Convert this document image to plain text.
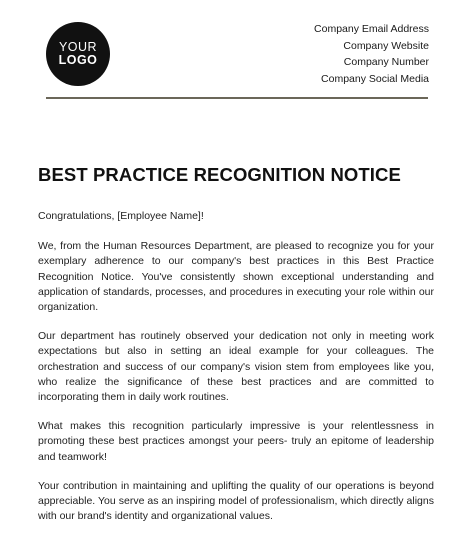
YOUR
LOGO
Company Email Address
Company Website
Company Number
Company Social Media
BEST PRACTICE RECOGNITION NOTICE

Congratulations, [Employee Name]!

We, from the Human Resources Department, are pleased to recognize you for your exemplary adherence to our company's best practices in this Best Practice Recognition Notice. You've consistently shown exceptional understanding and application of standards, processes, and procedures in executing your role within our organization.

Our department has routinely observed your dedication not only in meeting work expectations but also in setting an ideal example for your colleagues. The orchestration and success of our company's vision stem from employees like you, who realize the significance of these best practices and are committed to incorporating them in daily work routines.

What makes this recognition particularly impressive is your relentlessness in promoting these best practices amongst your peers- truly an epitome of leadership and teamwork!

Your contribution in maintaining and uplifting the quality of our operations is beyond appreciable. You serve as an inspiring model of professionalism, which directly aligns with our brand's identity and organizational values.
